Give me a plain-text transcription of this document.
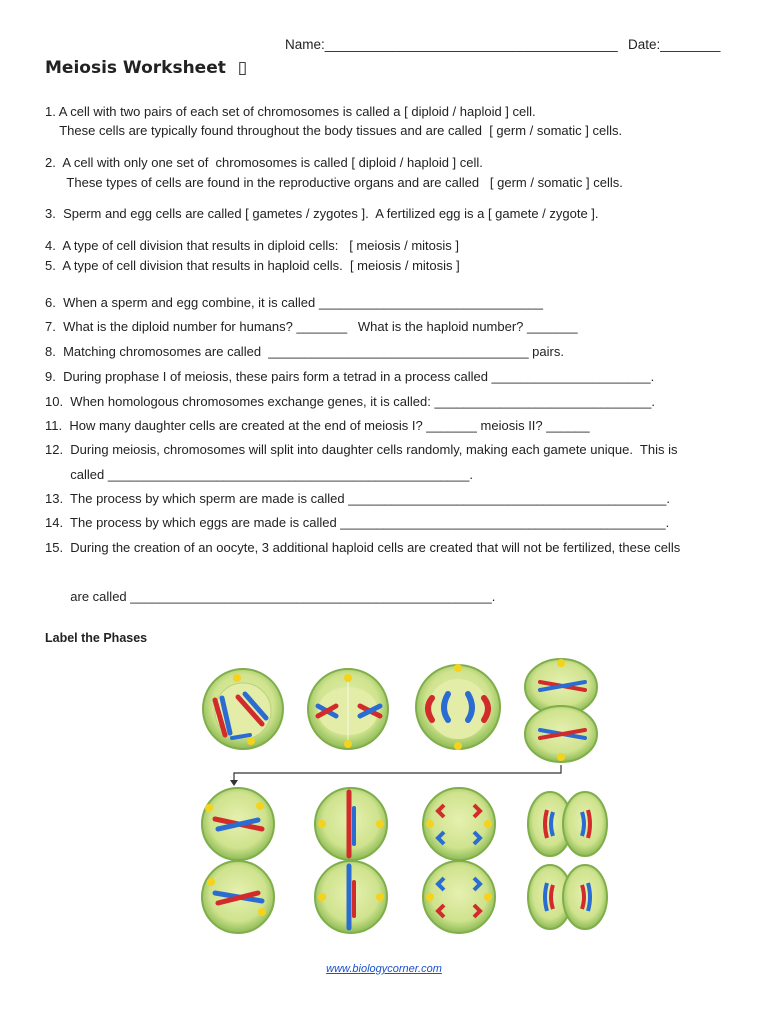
Name:_______________________________________ Date:________
Meiosis Worksheet  ▯
1. A cell with two pairs of each set of chromosomes is called a [ diploid / haploid ] cell.
These cells are typically found throughout the body tissues and are called  [ germ / somatic ] cells.
2.  A cell with only one set of  chromosomes is called [ diploid / haploid ] cell.
These types of cells are found in the reproductive organs and are called   [ germ / somatic ] cells.
3.  Sperm and egg cells are called [ gametes / zygotes ].  A fertilized egg is a [ gamete / zygote ].
4.  A type of cell division that results in diploid cells:   [ meiosis / mitosis ]
5.  A type of cell division that results in haploid cells.  [ meiosis / mitosis ]
6.  When a sperm and egg combine, it is called _______________________________
7.  What is the diploid number for humans? _______   What is the haploid number? _______
8.  Matching chromosomes are called  ____________________________________ pairs.
9.  During prophase I of meiosis, these pairs form a tetrad in a process called ______________________.
10.  When homologous chromosomes exchange genes, it is called: ______________________________.
11.  How many daughter cells are created at the end of meiosis I? _______ meiosis II? ______
12.  During meiosis, chromosomes will split into daughter cells randomly, making each gamete unique.  This is
called __________________________________________________.
13.  The process by which sperm are made is called ____________________________________________.
14.  The process by which eggs are made is called _____________________________________________.
15.  During the creation of an oocyte, 3 additional haploid cells are created that will not be fertilized, these cells
are called __________________________________________________.
Label the Phases
www.biologycorner.com
